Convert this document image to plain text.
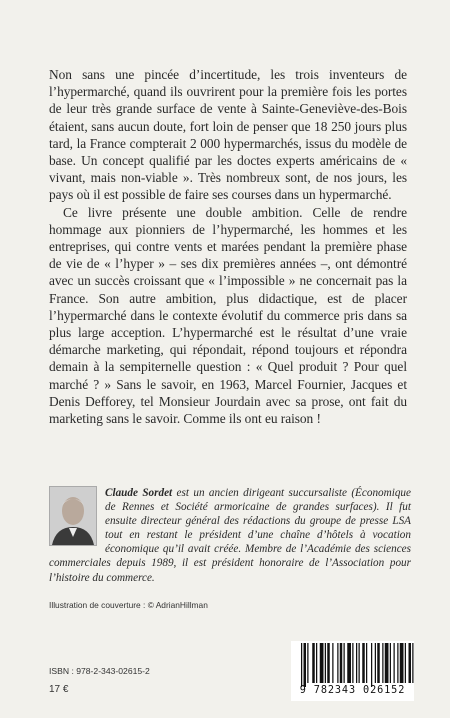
Non sans une pincée d’incertitude, les trois inventeurs de l’hypermarché, quand ils ouvrirent pour la première fois les portes de leur très grande surface de vente à Sainte-Geneviève-des-Bois étaient, sans aucun doute, fort loin de penser que 18 250 jours plus tard, la France compterait 2 000 hypermarchés, issus du modèle de base. Un concept qualifié par les doctes experts américains de « vivant, mais non-viable ». Très nombreux sont, de nos jours, les pays où il est possible de faire ses courses dans un hypermarché.

Ce livre présente une double ambition. Celle de rendre hommage aux pionniers de l’hypermarché, les hommes et les entreprises, qui contre vents et marées pendant la première phase de vie de « l’hyper » – ses dix premières années –, ont démontré avec un succès croissant que « l’impossible » ne concernait pas la France. Son autre ambition, plus didactique, est de placer l’hypermarché dans le contexte évolutif du commerce pris dans sa plus large acception. L’hypermarché est le résultat d’une vraie démarche marketing, qui répondait, répond toujours et répondra demain à la sempiternelle question : « Quel produit ? Pour quel marché ? » Sans le savoir, en 1963, Marcel Fournier, Jacques et Denis Defforey, tel Monsieur Jourdain avec sa prose, ont fait du marketing sans le savoir. Comme ils ont eu raison !

Claude Sordet est un ancien dirigeant succursaliste (Économique de Rennes et Société armoricaine de grandes surfaces). Il fut ensuite directeur général des rédactions du groupe de presse LSA tout en restant le président d’une chaîne d’hôtels à vocation économique qu’il avait créée. Membre de l’Académie des sciences commerciales depuis 1989, il est président honoraire de l’Association pour l’histoire du commerce.
Illustration de couverture : © AdrianHillman
ISBN : 978-2-343-02615-2
17 €	9 782343 026152
